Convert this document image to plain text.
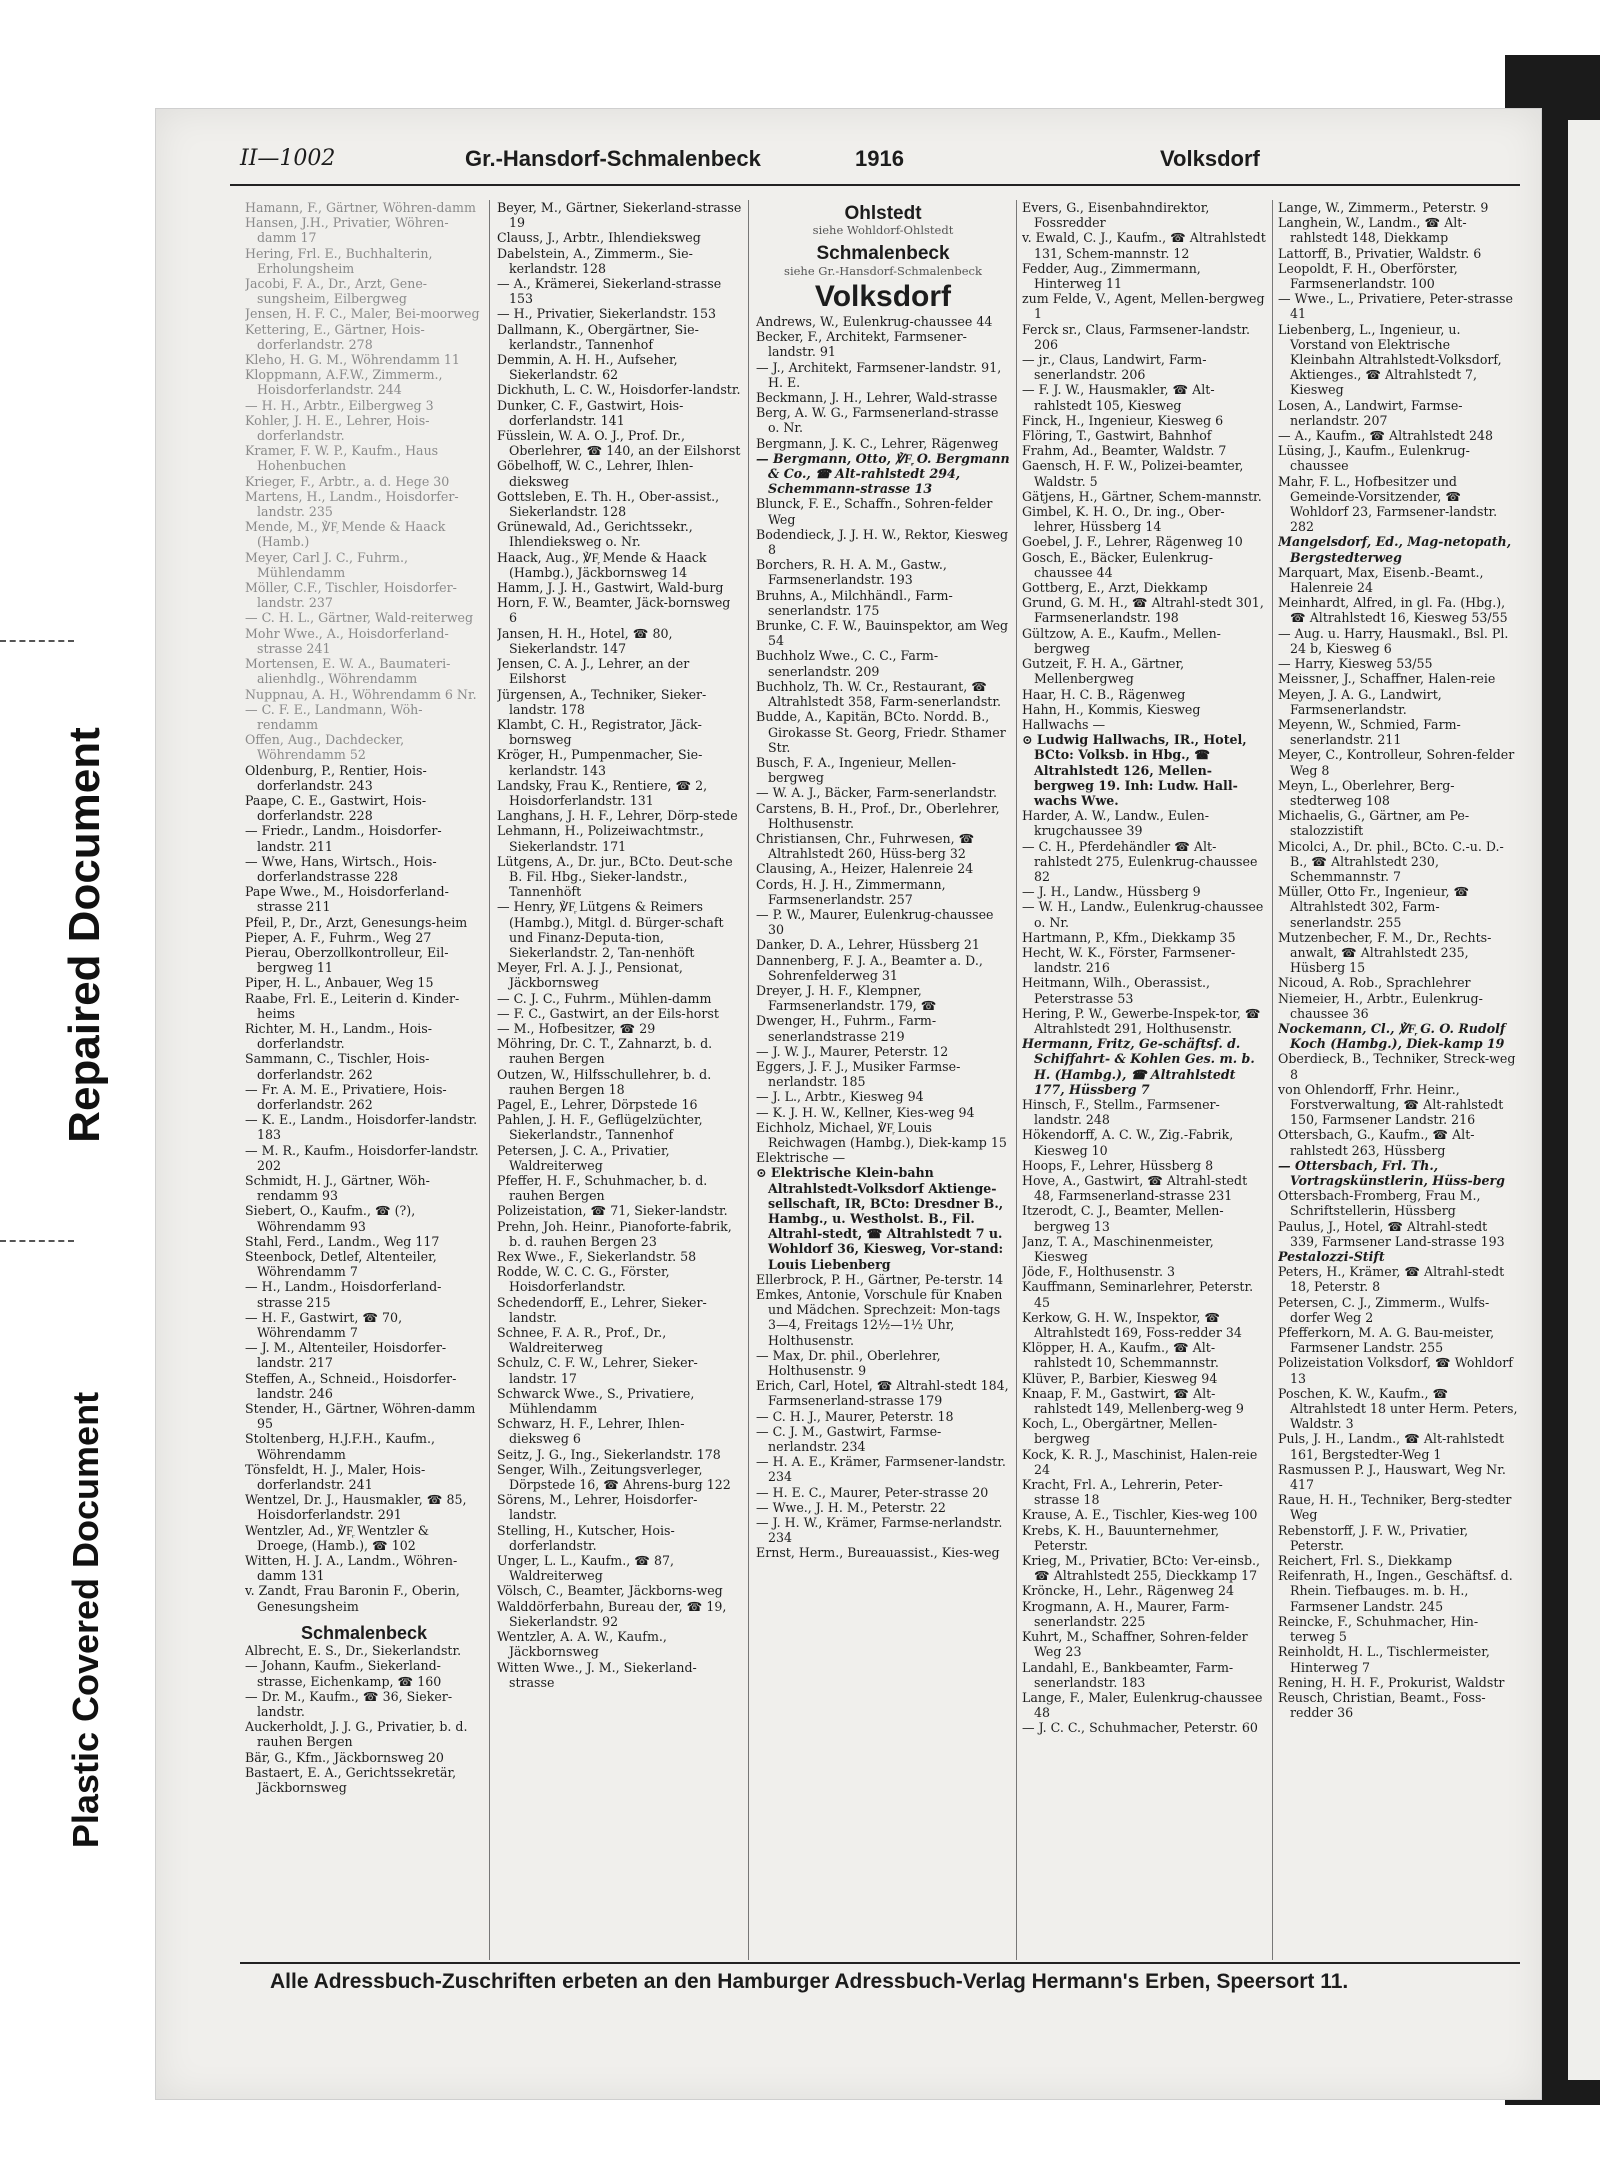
Repaired Document
Plastic Covered Document
II—1002	Gr.-Hansdorf-Schmalenbeck	1916	Volksdorf

Hamann, F., Gärtner, Wöhren-damm

Hansen, J.H., Privatier, Wöhren-damm 17

Hering, Frl. E., Buchhalterin, Erholungsheim

Jacobi, F. A., Dr., Arzt, Gene-sungsheim, Eilbergweg

Jensen, H. F. C., Maler, Bei-moorweg

Kettering, E., Gärtner, Hois-dorferlandstr. 278

Kleho, H. G. M., Wöhrendamm 11

Kloppmann, A.F.W., Zimmerm., Hoisdorferlandstr. 244

— H. H., Arbtr., Eilbergweg 3

Kohler, J. H. E., Lehrer, Hois-dorferlandstr.

Kramer, F. W. P., Kaufm., Haus Hohenbuchen

Krieger, F., Arbtr., a. d. Hege 30

Martens, H., Landm., Hoisdorfer-landstr. 235

Mende, M., ℣F᷊ Mende & Haack (Hamb.)

Meyer, Carl J. C., Fuhrm., Mühlendamm

Möller, C.F., Tischler, Hoisdorfer-landstr. 237

— C. H. L., Gärtner, Wald-reiterweg

Mohr Wwe., A., Hoisdorferland-strasse 241

Mortensen, E. W. A., Baumateri-alienhdlg., Wöhrendamm

Nuppnau, A. H., Wöhrendamm 6 Nr.

— C. F. E., Landmann, Wöh-rendamm

Offen, Aug., Dachdecker, Wöhrendamm 52

Oldenburg, P., Rentier, Hois-dorferlandstr. 243

Paape, C. E., Gastwirt, Hois-dorferlandstr. 228

— Friedr., Landm., Hoisdorfer-landstr. 211

— Wwe, Hans, Wirtsch., Hois-dorferlandstrasse 228

Pape Wwe., M., Hoisdorferland-strasse 211

Pfeil, P., Dr., Arzt, Genesungs-heim

Pieper, A. F., Fuhrm., Weg 27

Pierau, Oberzollkontrolleur, Eil-bergweg 11

Piper, H. L., Anbauer, Weg 15

Raabe, Frl. E., Leiterin d. Kinder-heims

Richter, M. H., Landm., Hois-dorferlandstr.

Sammann, C., Tischler, Hois-dorferlandstr. 262

— Fr. A. M. E., Privatiere, Hois-dorferlandstr. 262

— K. E., Landm., Hoisdorfer-landstr. 183

— M. R., Kaufm., Hoisdorfer-landstr. 202

Schmidt, H. J., Gärtner, Wöh-rendamm 93

Siebert, O., Kaufm., ☎ (?), Wöhrendamm 93

Stahl, Ferd., Landm., Weg 117

Steenbock, Detlef, Altenteiler, Wöhrendamm 7

— H., Landm., Hoisdorferland-strasse 215

— H. F., Gastwirt, ☎ 70, Wöhrendamm 7

— J. M., Altenteiler, Hoisdorfer-landstr. 217

Steffen, A., Schneid., Hoisdorfer-landstr. 246

Stender, H., Gärtner, Wöhren-damm 95

Stoltenberg, H.J.F.H., Kaufm., Wöhrendamm

Tönsfeldt, H. J., Maler, Hois-dorferlandstr. 241

Wentzel, Dr. J., Hausmakler, ☎ 85, Hoisdorferlandstr. 291

Wentzler, Ad., ℣F᷊ Wentzler & Droege, (Hamb.), ☎ 102

Witten, H. J. A., Landm., Wöhren-damm 131

v. Zandt, Frau Baronin F., Oberin, Genesungsheim

Schmalenbeck

Albrecht, E. S., Dr., Siekerlandstr.

— Johann, Kaufm., Siekerland-strasse, Eichenkamp, ☎ 160

— Dr. M., Kaufm., ☎ 36, Sieker-landstr.

Auckerholdt, J. J. G., Privatier, b. d. rauhen Bergen

Bär, G., Kfm., Jäckbornsweg 20

Bastaert, E. A., Gerichtssekretär, Jäckbornsweg

Beyer, M., Gärtner, Siekerland-strasse 19

Clauss, J., Arbtr., Ihlendieksweg

Dabelstein, A., Zimmerm., Sie-kerlandstr. 128

— A., Krämerei, Siekerland-strasse 153

— H., Privatier, Siekerlandstr. 153

Dallmann, K., Obergärtner, Sie-kerlandstr., Tannenhof

Demmin, A. H. H., Aufseher, Siekerlandstr. 62

Dickhuth, L. C. W., Hoisdorfer-landstr.

Dunker, C. F., Gastwirt, Hois-dorferlandstr. 141

Füsslein, W. A. O. J., Prof. Dr., Oberlehrer, ☎ 140, an der Eilshorst

Göbelhoff, W. C., Lehrer, Ihlen-dieksweg

Gottsleben, E. Th. H., Ober-assist., Siekerlandstr. 128

Grünewald, Ad., Gerichtssekr., Ihlendieksweg o. Nr.

Haack, Aug., ℣F᷊ Mende & Haack (Hambg.), Jäckbornsweg 14

Hamm, J. J. H., Gastwirt, Wald-burg

Horn, F. W., Beamter, Jäck-bornsweg 6

Jansen, H. H., Hotel, ☎ 80, Siekerlandstr. 147

Jensen, C. A. J., Lehrer, an der Eilshorst

Jürgensen, A., Techniker, Sieker-landstr. 178

Klambt, C. H., Registrator, Jäck-bornsweg

Kröger, H., Pumpenmacher, Sie-kerlandstr. 143

Landsky, Frau K., Rentiere, ☎ 2, Hoisdorferlandstr. 131

Langhans, J. H. F., Lehrer, Dörp-stede

Lehmann, H., Polizeiwachtmstr., Siekerlandstr. 171

Lütgens, A., Dr. jur., BCto. Deut-sche B. Fil. Hbg., Sieker-landstr., Tannenhöft

— Henry, ℣F᷊ Lütgens & Reimers (Hambg.), Mitgl. d. Bürger-schaft und Finanz-Deputa-tion, Siekerlandstr. 2, Tan-nenhöft

Meyer, Frl. A. J. J., Pensionat, Jäckbornsweg

— C. J. C., Fuhrm., Mühlen-damm

— F. C., Gastwirt, an der Eils-horst

— M., Hofbesitzer, ☎ 29

Möhring, Dr. C. T., Zahnarzt, b. d. rauhen Bergen

Outzen, W., Hilfsschullehrer, b. d. rauhen Bergen 18

Pagel, E., Lehrer, Dörpstede 16

Pahlen, J. H. F., Geflügelzüchter, Siekerlandstr., Tannenhof

Petersen, J. C. A., Privatier, Waldreiterweg

Pfeffer, H. F., Schuhmacher, b. d. rauhen Bergen

Polizeistation, ☎ 71, Sieker-landstr.

Prehn, Joh. Heinr., Pianoforte-fabrik, b. d. rauhen Bergen 23

Rex Wwe., F., Siekerlandstr. 58

Rodde, W. C. C. G., Förster, Hoisdorferlandstr.

Schedendorff, E., Lehrer, Sieker-landstr.

Schnee, F. A. R., Prof., Dr., Waldreiterweg

Schulz, C. F. W., Lehrer, Sieker-landstr. 17

Schwarck Wwe., S., Privatiere, Mühlendamm

Schwarz, H. F., Lehrer, Ihlen-dieksweg 6

Seitz, J. G., Ing., Siekerlandstr. 178

Senger, Wilh., Zeitungsverleger, Dörpstede 16, ☎ Ahrens-burg 122

Sörens, M., Lehrer, Hoisdorfer-landstr.

Stelling, H., Kutscher, Hois-dorferlandstr.

Unger, L. L., Kaufm., ☎ 87, Waldreiterweg

Völsch, C., Beamter, Jäckborns-weg

Walddörferbahn, Bureau der, ☎ 19, Siekerlandstr. 92

Wentzler, A. A. W., Kaufm., Jäckbornsweg

Witten Wwe., J. M., Siekerland-strasse

Ohlstedt

siehe Wohldorf-Ohlstedt

Schmalenbeck

siehe Gr.-Hansdorf-Schmalenbeck

Volksdorf

Andrews, W., Eulenkrug-chaussee 44

Becker, F., Architekt, Farmsener-landstr. 91

— J., Architekt, Farmsener-landstr. 91, H. E.

Beckmann, J. H., Lehrer, Wald-strasse

Berg, A. W. G., Farmsenerland-strasse o. Nr.

Bergmann, J. K. C., Lehrer, Rägenweg

— Bergmann, Otto, ℣F᷊ O. Bergmann & Co., ☎ Alt-rahlstedt 294, Schemmann-strasse 13

Blunck, F. E., Schaffn., Sohren-felder Weg

Bodendieck, J. J. H. W., Rektor, Kiesweg 8

Borchers, R. H. A. M., Gastw., Farmsenerlandstr. 193

Bruhns, A., Milchhändl., Farm-senerlandstr. 175

Brunke, C. F. W., Bauinspektor, am Weg 54

Buchholz Wwe., C. C., Farm-senerlandstr. 209

Buchholz, Th. W. Cr., Restaurant, ☎ Altrahlstedt 358, Farm-senerlandstr.

Budde, A., Kapitän, BCto. Nordd. B., Girokasse St. Georg, Friedr. Sthamer Str.

Busch, F. A., Ingenieur, Mellen-bergweg

— W. A. J., Bäcker, Farm-senerlandstr.

Carstens, B. H., Prof., Dr., Oberlehrer, Holthusenstr.

Christiansen, Chr., Fuhrwesen, ☎ Altrahlstedt 260, Hüss-berg 32

Clausing, A., Heizer, Halenreie 24

Cords, H. J. H., Zimmermann, Farmsenerlandstr. 257

— P. W., Maurer, Eulenkrug-chaussee 30

Danker, D. A., Lehrer, Hüssberg 21

Dannenberg, F. J. A., Beamter a. D., Sohrenfelderweg 31

Dreyer, J. H. F., Klempner, Farmsenerlandstr. 179, ☎

Dwenger, H., Fuhrm., Farm-senerlandstrasse 219

— J. W. J., Maurer, Peterstr. 12

Eggers, J. F. J., Musiker Farmse-nerlandstr. 185

— J. L., Arbtr., Kiesweg 94

— K. J. H. W., Kellner, Kies-weg 94

Eichholz, Michael, ℣F᷊ Louis Reichwagen (Hambg.), Diek-kamp 15

Elektrische —

⊙ Elektrische Klein-bahn Altrahlstedt-Volksdorf Aktienge-sellschaft, IR, BCto: Dresdner B., Hambg., u. Westholst. B., Fil. Altrahl-stedt, ☎ Altrahlstedt 7 u. Wohldorf 36, Kiesweg, Vor-stand: Louis Liebenberg

Ellerbrock, P. H., Gärtner, Pe-terstr. 14

Emkes, Antonie, Vorschule für Knaben und Mädchen. Sprechzeit: Mon-tags 3—4, Freitags 12½—1½ Uhr, Holthusenstr.

— Max, Dr. phil., Oberlehrer, Holthusenstr. 9

Erich, Carl, Hotel, ☎ Altrahl-stedt 184, Farmsenerland-strasse 179

— C. H. J., Maurer, Peterstr. 18

— C. J. M., Gastwirt, Farmse-nerlandstr. 234

— H. A. E., Krämer, Farmsener-landstr. 234

— H. E. C., Maurer, Peter-strasse 20

— Wwe., J. H. M., Peterstr. 22

— J. H. W., Krämer, Farmse-nerlandstr. 234

Ernst, Herm., Bureauassist., Kies-weg

Evers, G., Eisenbahndirektor, Fossredder

v. Ewald, C. J., Kaufm., ☎ Altrahlstedt 131, Schem-mannstr. 12

Fedder, Aug., Zimmermann, Hinterweg 11

zum Felde, V., Agent, Mellen-bergweg 1

Ferck sr., Claus, Farmsener-landstr. 206

— jr., Claus, Landwirt, Farm-senerlandstr. 206

— F. J. W., Hausmakler, ☎ Alt-rahlstedt 105, Kiesweg

Finck, H., Ingenieur, Kiesweg 6

Flöring, T., Gastwirt, Bahnhof

Frahm, Ad., Beamter, Waldstr. 7

Gaensch, H. F. W., Polizei-beamter, Waldstr. 5

Gätjens, H., Gärtner, Schem-mannstr.

Gimbel, K. H. O., Dr. ing., Ober-lehrer, Hüssberg 14

Goebel, J. F., Lehrer, Rägenweg 10

Gosch, E., Bäcker, Eulenkrug-chaussee 44

Gottberg, E., Arzt, Diekkamp

Grund, G. M. H., ☎ Altrahl-stedt 301, Farmsenerlandstr. 198

Gültzow, A. E., Kaufm., Mellen-bergweg

Gutzeit, F. H. A., Gärtner, Mellenbergweg

Haar, H. C. B., Rägenweg

Hahn, H., Kommis, Kiesweg

Hallwachs —

⊙ Ludwig Hallwachs, IR., Hotel, BCto: Volksb. in Hbg., ☎ Altrahlstedt 126, Mellen-bergweg 19. Inh: Ludw. Hall-wachs Wwe.

Harder, A. W., Landw., Eulen-krugchaussee 39

— C. H., Pferdehändler ☎ Alt-rahlstedt 275, Eulenkrug-chaussee 82

— J. H., Landw., Hüssberg 9

— W. H., Landw., Eulenkrug-chaussee o. Nr.

Hartmann, P., Kfm., Diekkamp 35

Hecht, W. K., Förster, Farmsener-landstr. 216

Heitmann, Wilh., Oberassist., Peterstrasse 53

Hering, P. W., Gewerbe-Inspek-tor, ☎ Altrahlstedt 291, Holthusenstr.

Hermann, Fritz, Ge-schäftsf. d. Schiffahrt- & Kohlen Ges. m. b. H. (Hambg.), ☎ Altrahlstedt 177, Hüssberg 7

Hinsch, F., Stellm., Farmsener-landstr. 248

Hökendorff, A. C. W., Zig.-Fabrik, Kiesweg 10

Hoops, F., Lehrer, Hüssberg 8

Hove, A., Gastwirt, ☎ Altrahl-stedt 48, Farmsenerland-strasse 231

Itzerodt, C. J., Beamter, Mellen-bergweg 13

Janz, T. A., Maschinenmeister, Kiesweg

Jöde, F., Holthusenstr. 3

Kauffmann, Seminarlehrer, Peterstr. 45

Kerkow, G. H. W., Inspektor, ☎ Altrahlstedt 169, Foss-redder 34

Klöpper, H. A., Kaufm., ☎ Alt-rahlstedt 10, Schemmannstr.

Klüver, P., Barbier, Kiesweg 94

Knaap, F. M., Gastwirt, ☎ Alt-rahlstedt 149, Mellenberg-weg 9

Koch, L., Obergärtner, Mellen-bergweg

Kock, K. R. J., Maschinist, Halen-reie 24

Kracht, Frl. A., Lehrerin, Peter-strasse 18

Krause, A. E., Tischler, Kies-weg 100

Krebs, K. H., Bauunternehmer, Peterstr.

Krieg, M., Privatier, BCto: Ver-einsb., ☎ Altrahlstedt 255, Dieckkamp 17

Kröncke, H., Lehr., Rägenweg 24

Krogmann, A. H., Maurer, Farm-senerlandstr. 225

Kuhrt, M., Schaffner, Sohren-felder Weg 23

Landahl, E., Bankbeamter, Farm-senerlandstr. 183

Lange, F., Maler, Eulenkrug-chaussee 48

— J. C. C., Schuhmacher, Peterstr. 60

Lange, W., Zimmerm., Peterstr. 9

Langhein, W., Landm., ☎ Alt-rahlstedt 148, Diekkamp

Lattorff, B., Privatier, Waldstr. 6

Leopoldt, F. H., Oberförster, Farmsenerlandstr. 100

— Wwe., L., Privatiere, Peter-strasse 41

Liebenberg, L., Ingenieur, u. Vorstand von Elektrische Kleinbahn Altrahlstedt-Volksdorf, Aktienges., ☎ Altrahlstedt 7, Kiesweg

Losen, A., Landwirt, Farmse-nerlandstr. 207

— A., Kaufm., ☎ Altrahlstedt 248

Lüsing, J., Kaufm., Eulenkrug-chaussee

Mahr, F. L., Hofbesitzer und Gemeinde-Vorsitzender, ☎ Wohldorf 23, Farmsener-landstr. 282

Mangelsdorf, Ed., Mag-netopath, Bergstedterweg

Marquart, Max, Eisenb.-Beamt., Halenreie 24

Meinhardt, Alfred, in gl. Fa. (Hbg.), ☎ Altrahlstedt 16, Kiesweg 53/55

— Aug. u. Harry, Hausmakl., Bsl. Pl. 24 b, Kiesweg 6

— Harry, Kiesweg 53/55

Meissner, J., Schaffner, Halen-reie

Meyen, J. A. G., Landwirt, Farmsenerlandstr.

Meyenn, W., Schmied, Farm-senerlandstr. 211

Meyer, C., Kontrolleur, Sohren-felder Weg 8

Meyn, L., Oberlehrer, Berg-stedterweg 108

Michaelis, G., Gärtner, am Pe-stalozzistift

Micolci, A., Dr. phil., BCto. C.-u. D.-B., ☎ Altrahlstedt 230, Schemmannstr. 7

Müller, Otto Fr., Ingenieur, ☎ Altrahlstedt 302, Farm-senerlandstr. 255

Mutzenbecher, F. M., Dr., Rechts-anwalt, ☎ Altrahlstedt 235, Hüsberg 15

Nicoud, A. Rob., Sprachlehrer

Niemeier, H., Arbtr., Eulenkrug-chaussee 36

Nockemann, Cl., ℣F᷊ G. O. Rudolf Koch (Hambg.), Diek-kamp 19

Oberdieck, B., Techniker, Streck-weg 8

von Ohlendorff, Frhr. Heinr., Forstverwaltung, ☎ Alt-rahlstedt 150, Farmsener Landstr. 216

Ottersbach, G., Kaufm., ☎ Alt-rahlstedt 263, Hüssberg

— Ottersbach, Frl. Th., Vortragskünstlerin, Hüss-berg

Ottersbach-Fromberg, Frau M., Schriftstellerin, Hüssberg

Paulus, J., Hotel, ☎ Altrahl-stedt 339, Farmsener Land-strasse 193

Pestalozzi-Stift

Peters, H., Krämer, ☎ Altrahl-stedt 18, Peterstr. 8

Petersen, C. J., Zimmerm., Wulfs-dorfer Weg 2

Pfefferkorn, M. A. G. Bau-meister, Farmsener Landstr. 255

Polizeistation Volksdorf, ☎ Wohldorf 13

Poschen, K. W., Kaufm., ☎ Altrahlstedt 18 unter Herm. Peters, Waldstr. 3

Puls, J. H., Landm., ☎ Alt-rahlstedt 161, Bergstedter-Weg 1

Rasmussen P. J., Hauswart, Weg Nr. 417

Raue, H. H., Techniker, Berg-stedter Weg

Rebenstorff, J. F. W., Privatier, Peterstr.

Reichert, Frl. S., Diekkamp

Reifenrath, H., Ingen., Geschäftsf. d. Rhein. Tiefbauges. m. b. H., Farmsener Landstr. 245

Reincke, F., Schuhmacher, Hin-terweg 5

Reinholdt, H. L., Tischlermeister, Hinterweg 7

Rening, H. H. F., Prokurist, Waldstr

Reusch, Christian, Beamt., Foss-redder 36

Alle Adressbuch-Zuschriften erbeten an den Hamburger Adressbuch-Verlag Hermann's Erben, Speersort 11.
